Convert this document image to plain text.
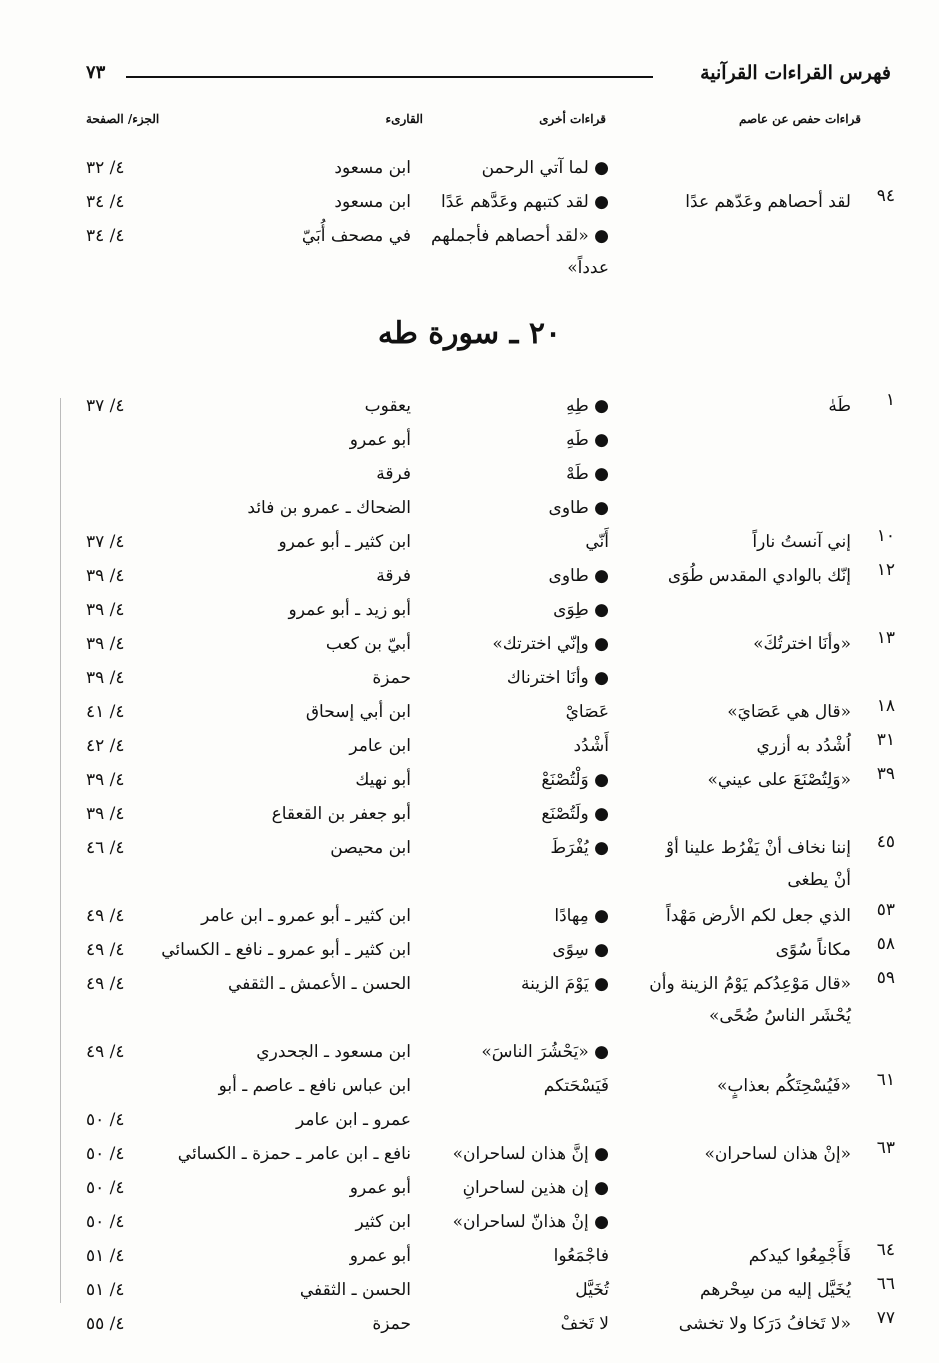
فهرس القراءات القرآنية
٧٣
قراءات حفص عن عاصم
قراءات أخرى
القارىء
الجزء/ الصفحة
● لما آتي الرحمن
ابن مسعود
٤/ ٣٢
٩٤
لقد أحصاهم وعَدّهم عدًا
● لقد كتبهم وعَدَّهم عَدًا
ابن مسعود
٤/ ٣٤
● «لقد أحصاهم فأجملهم عدداً»
في مصحف أُبَيّ
٤/ ٣٤
٢٠ ـ سورة طه
١
طَهٰ
● طِهِ
يعقوب
٤/ ٣٧
● طَهِ
أبو عمرو
● طَهْ
فرقة
● طاوى
الضحاك ـ عمرو بن فائد
١٠
إني آنستُ ناراً
أَنّي
ابن كثير ـ أبو عمرو
٤/ ٣٧
١٢
إنّك بالوادي المقدس طُوَى
● طاوى
فرقة
٤/ ٣٩
● طِوَى
أبو زيد ـ أبو عمرو
٤/ ٣٩
١٣
«وأنَا اخترتُكَ»
● وإنّي اخترتك»
أبيّ بن كعب
٤/ ٣٩
● وأنَا اخترناك
حمزة
٤/ ٣٩
١٨
«قال هي عَصَايَ»
عَصَايْ
ابن أبي إسحاق
٤/ ٤١
٣١
اُشْدُد به أزري
أَشْدُد
ابن عامر
٤/ ٤٢
٣٩
«وَلِتُصْنَعَ على عيني»
● وَلْتُصْنَعْ
أبو نهيك
٤/ ٣٩
● ولَتُصْنَع
أبو جعفر بن القعقاع
٤/ ٣٩
٤٥
إننا نخاف أنْ يَفْرُط علينا أوْ أنْ يطغى
● يُفْرَطَ
ابن محيصن
٤/ ٤٦
٥٣
الذي جعل لكم الأرض مَهْداً
● مِهادًا
ابن كثير ـ أبو عمرو ـ ابن عامر
٤/ ٤٩
٥٨
مكاناً سُوًى
● سِوًى
ابن كثير ـ أبو عمرو ـ نافع ـ الكسائي
٤/ ٤٩
٥٩
«قال مَوْعِدُكم يَوْمُ الزينة وأن يُحْشَر الناسُ ضُحًى»
● يَوْمَ الزينة
الحسن ـ الأعمش ـ الثقفي
٤/ ٤٩
● «يَحْشُرَ الناسَ»
ابن مسعود ـ الجحدري
٤/ ٤٩
٦١
«فَيُسْحِتَكُم بعذابٍ»
فَيَسْحَتكم
ابن عباس نافع ـ عاصم ـ أبو
عمرو ـ ابن عامر
٤/ ٥٠
٦٣
«إنْ هذان لساحران»
● إنَّ هذان لساحران»
نافع ـ ابن عامر ـ حمزة ـ الكسائي
٤/ ٥٠
● إن هذين لساحرانِ
أبو عمرو
٤/ ٥٠
● إنْ هذانّ لساحران»
ابن كثير
٤/ ٥٠
٦٤
فَأَجْمِعُوا كيدكم
فاجْمَعُوا
أبو عمرو
٤/ ٥١
٦٦
يُخَيَّل إليه من سِحْرهم
تُخَيَّل
الحسن ـ الثقفي
٤/ ٥١
٧٧
«لا تَخافُ دَرَكا ولا تخشى
لا تَخفْ
حمزة
٤/ ٥٥
